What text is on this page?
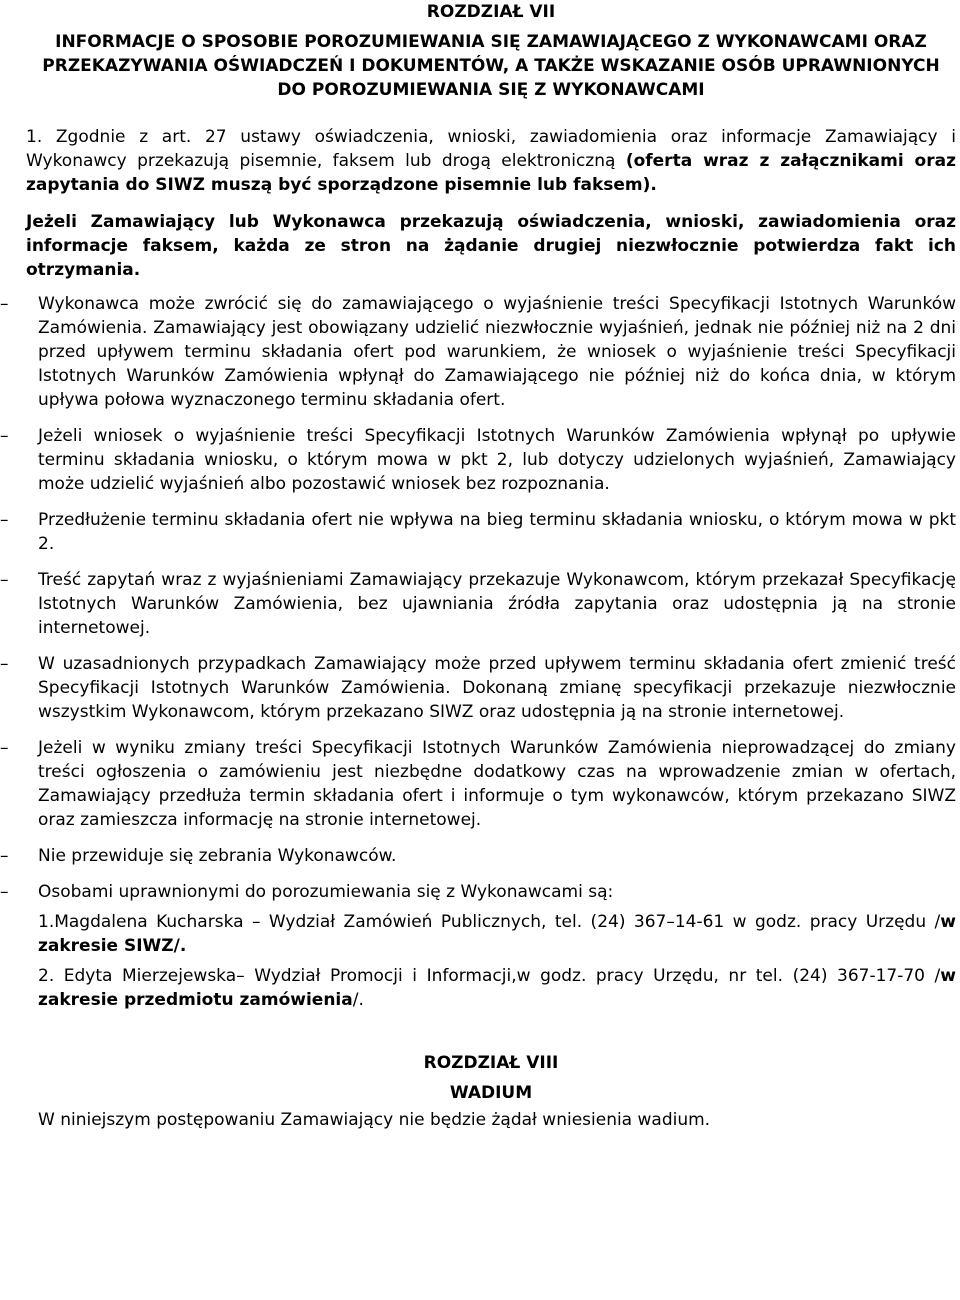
ROZDZIAŁ VII
INFORMACJE O SPOSOBIE POROZUMIEWANIA SIĘ ZAMAWIAJĄCEGO Z WYKONAWCAMI ORAZ PRZEKAZYWANIA OŚWIADCZEŃ I DOKUMENTÓW, A TAKŻE WSKAZANIE OSÓB UPRAWNIONYCH DO POROZUMIEWANIA SIĘ Z WYKONAWCAMI
1. Zgodnie z art. 27 ustawy oświadczenia, wnioski, zawiadomienia oraz informacje Zamawiający i Wykonawcy przekazują pisemnie, faksem lub drogą elektroniczną (oferta wraz z załącznikami oraz zapytania do SIWZ muszą być sporządzone pisemnie lub faksem).
Jeżeli Zamawiający lub Wykonawca przekazują oświadczenia, wnioski, zawiadomienia oraz informacje faksem, każda ze stron na żądanie drugiej niezwłocznie potwierdza fakt ich otrzymania.
–	Wykonawca może zwrócić się do zamawiającego o wyjaśnienie treści Specyfikacji Istotnych Warunków Zamówienia. Zamawiający jest obowiązany udzielić niezwłocznie wyjaśnień, jednak nie później niż na 2 dni przed upływem terminu składania ofert pod warunkiem, że wniosek o wyjaśnienie treści Specyfikacji Istotnych Warunków Zamówienia wpłynął do Zamawiającego nie później niż do końca dnia, w którym upływa połowa wyznaczonego terminu składania ofert.
–	Jeżeli wniosek o wyjaśnienie treści Specyfikacji Istotnych Warunków Zamówienia wpłynął po upływie terminu składania wniosku, o którym mowa w pkt 2, lub dotyczy udzielonych wyjaśnień, Zamawiający może udzielić wyjaśnień albo pozostawić wniosek bez rozpoznania.
–	Przedłużenie terminu składania ofert nie wpływa na bieg terminu składania wniosku, o którym mowa w pkt 2.
–	Treść zapytań wraz z wyjaśnieniami Zamawiający przekazuje Wykonawcom, którym przekazał Specyfikację Istotnych Warunków Zamówienia, bez ujawniania źródła zapytania oraz udostępnia ją na stronie internetowej.
–	W uzasadnionych przypadkach Zamawiający może przed upływem terminu składania ofert zmienić treść Specyfikacji Istotnych Warunków Zamówienia. Dokonaną zmianę specyfikacji przekazuje niezwłocznie wszystkim Wykonawcom, którym przekazano SIWZ oraz udostępnia ją na stronie internetowej.
–	Jeżeli w wyniku zmiany treści Specyfikacji Istotnych Warunków Zamówienia nieprowadzącej do zmiany treści ogłoszenia o zamówieniu jest niezbędne dodatkowy czas na wprowadzenie zmian w ofertach, Zamawiający przedłuża termin składania ofert i informuje o tym wykonawców, którym przekazano SIWZ oraz zamieszcza informację na stronie internetowej.
–	Nie przewiduje się zebrania Wykonawców.
–	Osobami uprawnionymi do porozumiewania się z Wykonawcami są:
1.Magdalena Kucharska – Wydział Zamówień Publicznych, tel. (24) 367–14-61 w godz. pracy Urzędu /w zakresie SIWZ/.
2. Edyta Mierzejewska– Wydział Promocji i Informacji,w godz. pracy Urzędu, nr tel. (24) 367-17-70 /w zakresie przedmiotu zamówienia/.
ROZDZIAŁ VIII
WADIUM
W niniejszym postępowaniu Zamawiający nie będzie żądał wniesienia wadium.
